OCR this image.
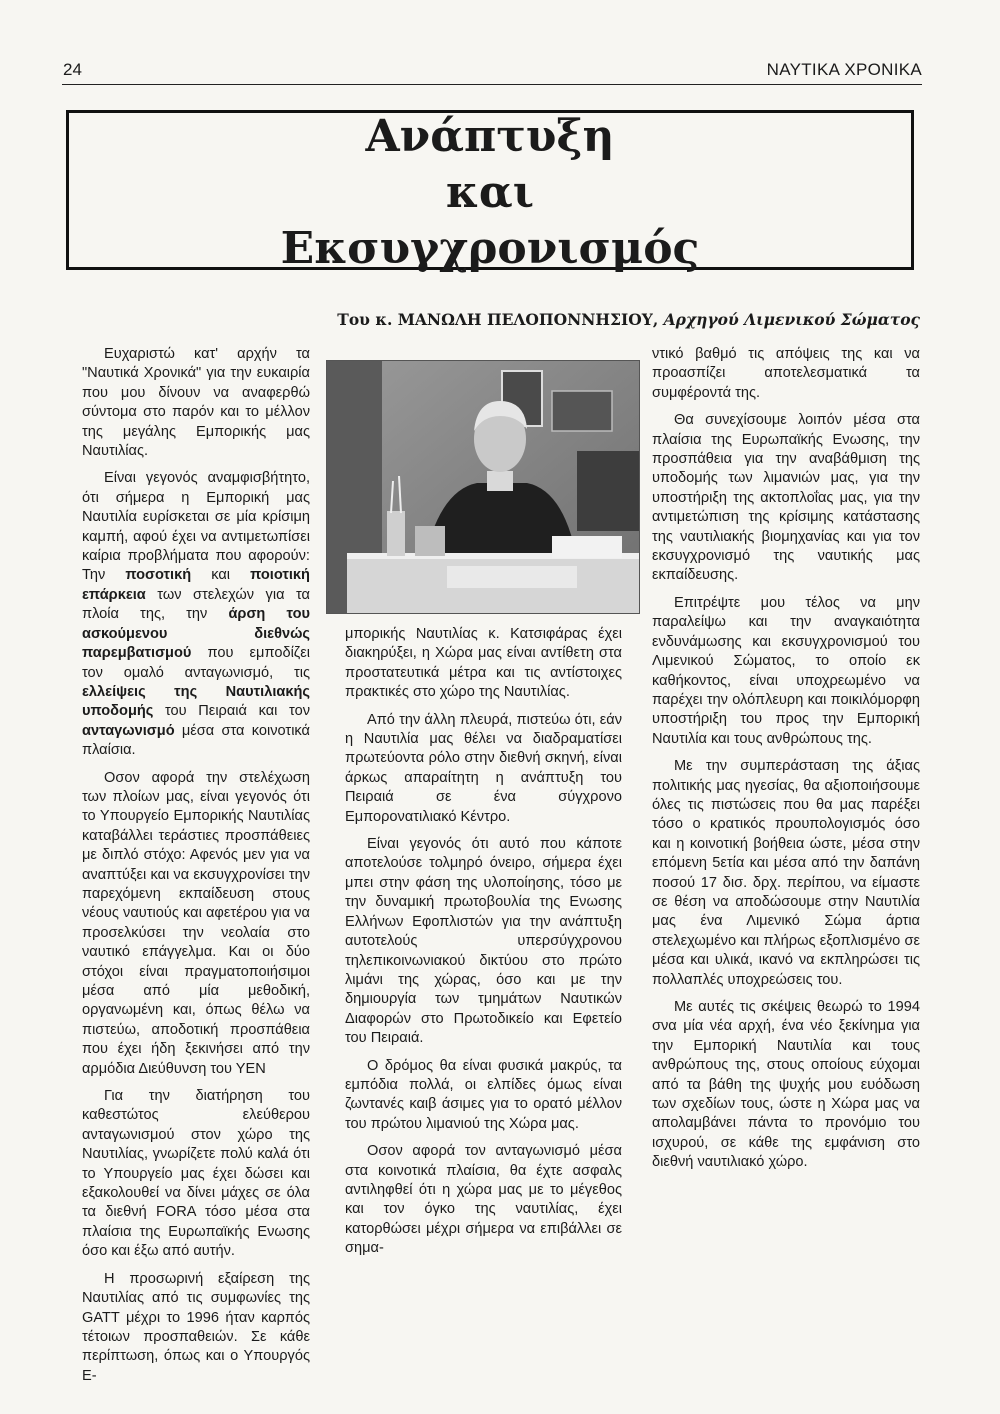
24	ΝΑΥΤΙΚΑ ΧΡΟΝΙΚΑ
Ανάπτυξη
και
Εκσυγχρονισμός
Του κ. ΜΑΝΩΛΗ ΠΕΛΟΠΟΝΝΗΣΙΟΥ, Αρχηγού Λιμενικού Σώματος

Ευχαριστώ κατ' αρχήν τα "Ναυτικά Χρονικά" για την ευκαιρία που μου δίνουν να αναφερθώ σύντομα στο παρόν και το μέλλον της μεγάλης Εμπορικής μας Ναυτιλίας.

Είναι γεγονός αναμφισβήτητο, ότι σήμερα η Εμπορική μας Ναυτιλία ευρίσκεται σε μία κρίσιμη καμπή, αφού έχει να αντιμετωπίσει καίρια προβλήματα που αφορούν: Την ποσοτική και ποιοτική επάρκεια των στελεχών για τα πλοία της, την άρση του ασκούμενου διεθνώς παρεμβατισμού που εμποδίζει τον ομαλό ανταγωνισμό, τις ελλείψεις της Ναυτιλιακής υποδομής του Πειραιά και τον ανταγωνισμό μέσα στα κοινοτικά πλαίσια.

Οσον αφορά την στελέχωση των πλοίων μας, είναι γεγονός ότι το Υπουργείο Εμπορικής Ναυτιλίας καταβάλλει τεράστιες προσπάθειες με διπλό στόχο: Αφενός μεν για να αναπτύξει και να εκσυγχρονίσει την παρεχόμενη εκπαίδευση στους νέους ναυτιούς και αφετέρου για να προσελκύσει την νεολαία στο ναυτικό επάγγελμα. Και οι δύο στόχοι είναι πραγματοποιήσιμοι μέσα από μία μεθοδική, οργανωμένη και, όπως θέλω να πιστεύω, αποδοτική προσπάθεια που έχει ήδη ξεκινήσει από την αρμόδια Διεύθυνση του ΥΕΝ

Για την διατήρηση του καθεστώτος ελεύθερου ανταγωνισμού στον χώρο της Ναυτιλίας, γνωρίζετε πολύ καλά ότι το Υπουργείο μας έχει δώσει και εξακολουθεί να δίνει μάχες σε όλα τα διεθνή FORA τόσο μέσα στα πλαίσια της Ευρωπαϊκής Ενωσης όσο και έξω από αυτήν.

Η προσωρινή εξαίρεση της Ναυτιλίας από τις συμφωνίες της GATT μέχρι το 1996 ήταν καρπός τέτοιων προσπαθειών. Σε κάθε περίπτωση, όπως και ο Υπουργός Ε-

μπορικής Ναυτιλίας κ. Κατσιφάρας έχει διακηρύξει, η Χώρα μας είναι αντίθετη στα προστατευτικά μέτρα και τις αντίστοιχες πρακτικές στο χώρο της Ναυτιλίας.

Από την άλλη πλευρά, πιστεύω ότι, εάν η Ναυτιλία μας θέλει να διαδραματίσει πρωτεύοντα ρόλο στην διεθνή σκηνή, είναι άρκως απαραίτητη η ανάπτυξη του Πειραιά σε ένα σύγχρονο Εμπορονατιλιακό Κέντρο.

Είναι γεγονός ότι αυτό που κάποτε αποτελούσε τολμηρό όνειρο, σήμερα έχει μπει στην φάση της υλοποίησης, τόσο με την δυναμική πρωτοβουλία της Ενωσης Ελλήνων Εφοπλιστών για την ανάπτυξη αυτοτελούς υπερσύγχρονου τηλεπικοινωνιακού δικτύου στο πρώτο λιμάνι της χώρας, όσο και με την δημιουργία των τμημάτων Ναυτικών Διαφορών στο Πρωτοδικείο και Εφετείο του Πειραιά.

Ο δρόμος θα είναι φυσικά μακρύς, τα εμπόδια πολλά, οι ελπίδες όμως είναι ζωντανές καιβ άσιμες για το ορατό μέλλον του πρώτου λιμανιού της Χώρα μας.

Οσον αφορά τον ανταγωνισμό μέσα στα κοινοτικά πλαίσια, θα έχτε ασφαλς αντιληφθεί ότι η χώρα μας με το μέγεθος και τον όγκο της ναυτιλίας, έχει κατορθώσει μέχρι σήμερα να επιβάλλει σε σημα-

ντικό βαθμό τις απόψεις της και να προασπίζει αποτελεσματικά τα συμφέροντά της.

Θα συνεχίσουμε λοιπόν μέσα στα πλαίσια της Ευρωπαϊκής Ενωσης, την προσπάθεια για την αναβάθμιση της υποδομής των λιμανιών μας, για την υποστήριξη της ακτοπλοΐας μας, για την αντιμετώπιση της κρίσιμης κατάστασης της ναυτιλιακής βιομηχανίας και για τον εκσυγχρονισμό της ναυτικής μας εκπαίδευσης.

Επιτρέψτε μου τέλος να μην παραλείψω και την αναγκαιότητα ενδυνάμωσης και εκσυγχρονισμού του Λιμενικού Σώματος, το οποίο εκ καθήκοντος, είναι υποχρεωμένο να παρέχει την ολόπλευρη και ποικιλόμορφη υποστήριξη του προς την Εμπορική Ναυτιλία και τους ανθρώπους της.

Με την συμπεράσταση της άξιας πολιτικής μας ηγεσίας, θα αξιοποιήσουμε όλες τις πιστώσεις που θα μας παρέξει τόσο ο κρατικός προυπολογισμός όσο και η κοινοτική βοήθεια ώστε, μέσα στην επόμενη 5ετία και μέσα από την δαπάνη ποσού 17 δισ. δρχ. περίπου, να είμαστε σε θέση να αποδώσουμε στην Ναυτιλία μας ένα Λιμενικό Σώμα άρτια στελεχωμένο και πλήρως εξοπλισμένο σε μέσα και υλικά, ικανό να εκπληρώσει τις πολλαπλές υποχρεώσεις του.

Με αυτές τις σκέψεις θεωρώ το 1994 σνα μία νέα αρχή, ένα νέο ξεκίνημα για την Εμπορική Ναυτιλία και τους ανθρώπους της, στους οποίους εύχομαι από τα βάθη της ψυχής μου ευόδωση των σχεδίων τους, ώστε η Χώρα μας να απολαμβάνει πάντα το προνόμιο του ισχυρού, σε κάθε της εμφάνιση στο διεθνή ναυτιλιακό χώρο.
